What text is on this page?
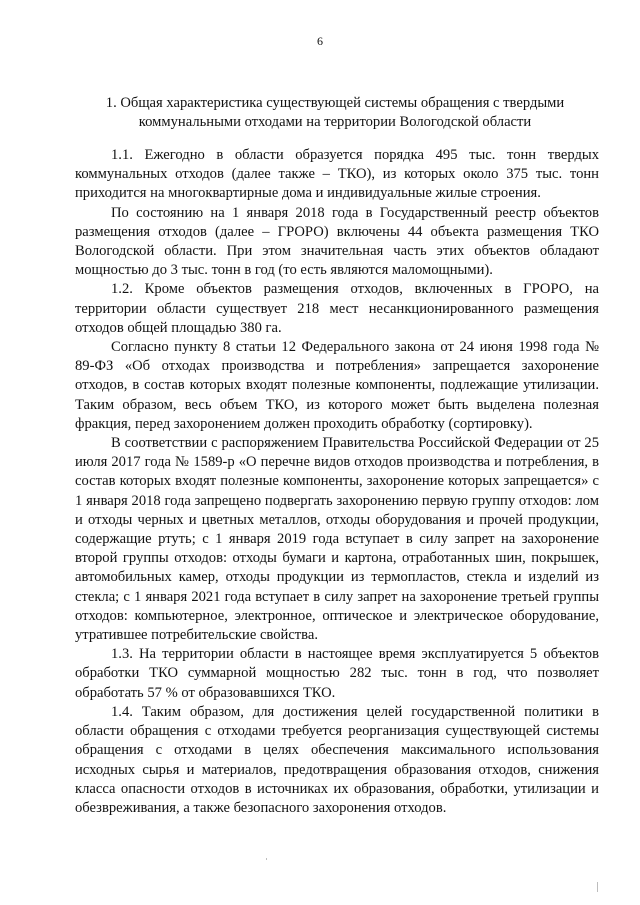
6
1. Общая характеристика существующей системы обращения с твердыми коммунальными отходами на территории Вологодской области

1.1. Ежегодно в области образуется порядка 495 тыс. тонн твердых коммунальных отходов (далее также – ТКО), из которых около 375 тыс. тонн приходится на многоквартирные дома и индивидуальные жилые строения.

По состоянию на 1 января 2018 года в Государственный реестр объектов размещения отходов (далее – ГРОРО) включены 44 объекта размещения ТКО Вологодской области. При этом значительная часть этих объектов обладают мощностью до 3 тыс. тонн в год (то есть являются маломощными).

1.2. Кроме объектов размещения отходов, включенных в ГРОРО, на территории области существует 218 мест несанкционированного размещения отходов общей площадью 380 га.

Согласно пункту 8 статьи 12 Федерального закона от 24 июня 1998 года № 89-ФЗ «Об отходах производства и потребления» запрещается захоронение отходов, в состав которых входят полезные компоненты, подлежащие утилизации. Таким образом, весь объем ТКО, из которого может быть выделена полезная фракция, перед захоронением должен проходить обработку (сортировку).

В соответствии с распоряжением Правительства Российской Федерации от 25 июля 2017 года № 1589-р «О перечне видов отходов производства и потребления, в состав которых входят полезные компоненты, захоронение которых запрещается» с 1 января 2018 года запрещено подвергать захоронению первую группу отходов: лом и отходы черных и цветных металлов, отходы оборудования и прочей продукции, содержащие ртуть; с 1 января 2019 года вступает в силу запрет на захоронение второй группы отходов: отходы бумаги и картона, отработанных шин, покрышек, автомобильных камер, отходы продукции из термопластов, стекла и изделий из стекла; с 1 января 2021 года вступает в силу запрет на захоронение третьей группы отходов: компьютерное, электронное, оптическое и электрическое оборудование, утратившее потребительские свойства.

1.3. На территории области в настоящее время эксплуатируется 5 объектов обработки ТКО суммарной мощностью 282 тыс. тонн в год, что позволяет обработать 57 % от образовавшихся ТКО.

1.4. Таким образом, для достижения целей государственной политики в области обращения с отходами требуется реорганизация существующей системы обращения с отходами в целях обеспечения максимального использования исходных сырья и материалов, предотвращения образования отходов, снижения класса опасности отходов в источниках их образования, обработки, утилизации и обезвреживания, а также безопасного захоронения отходов.
